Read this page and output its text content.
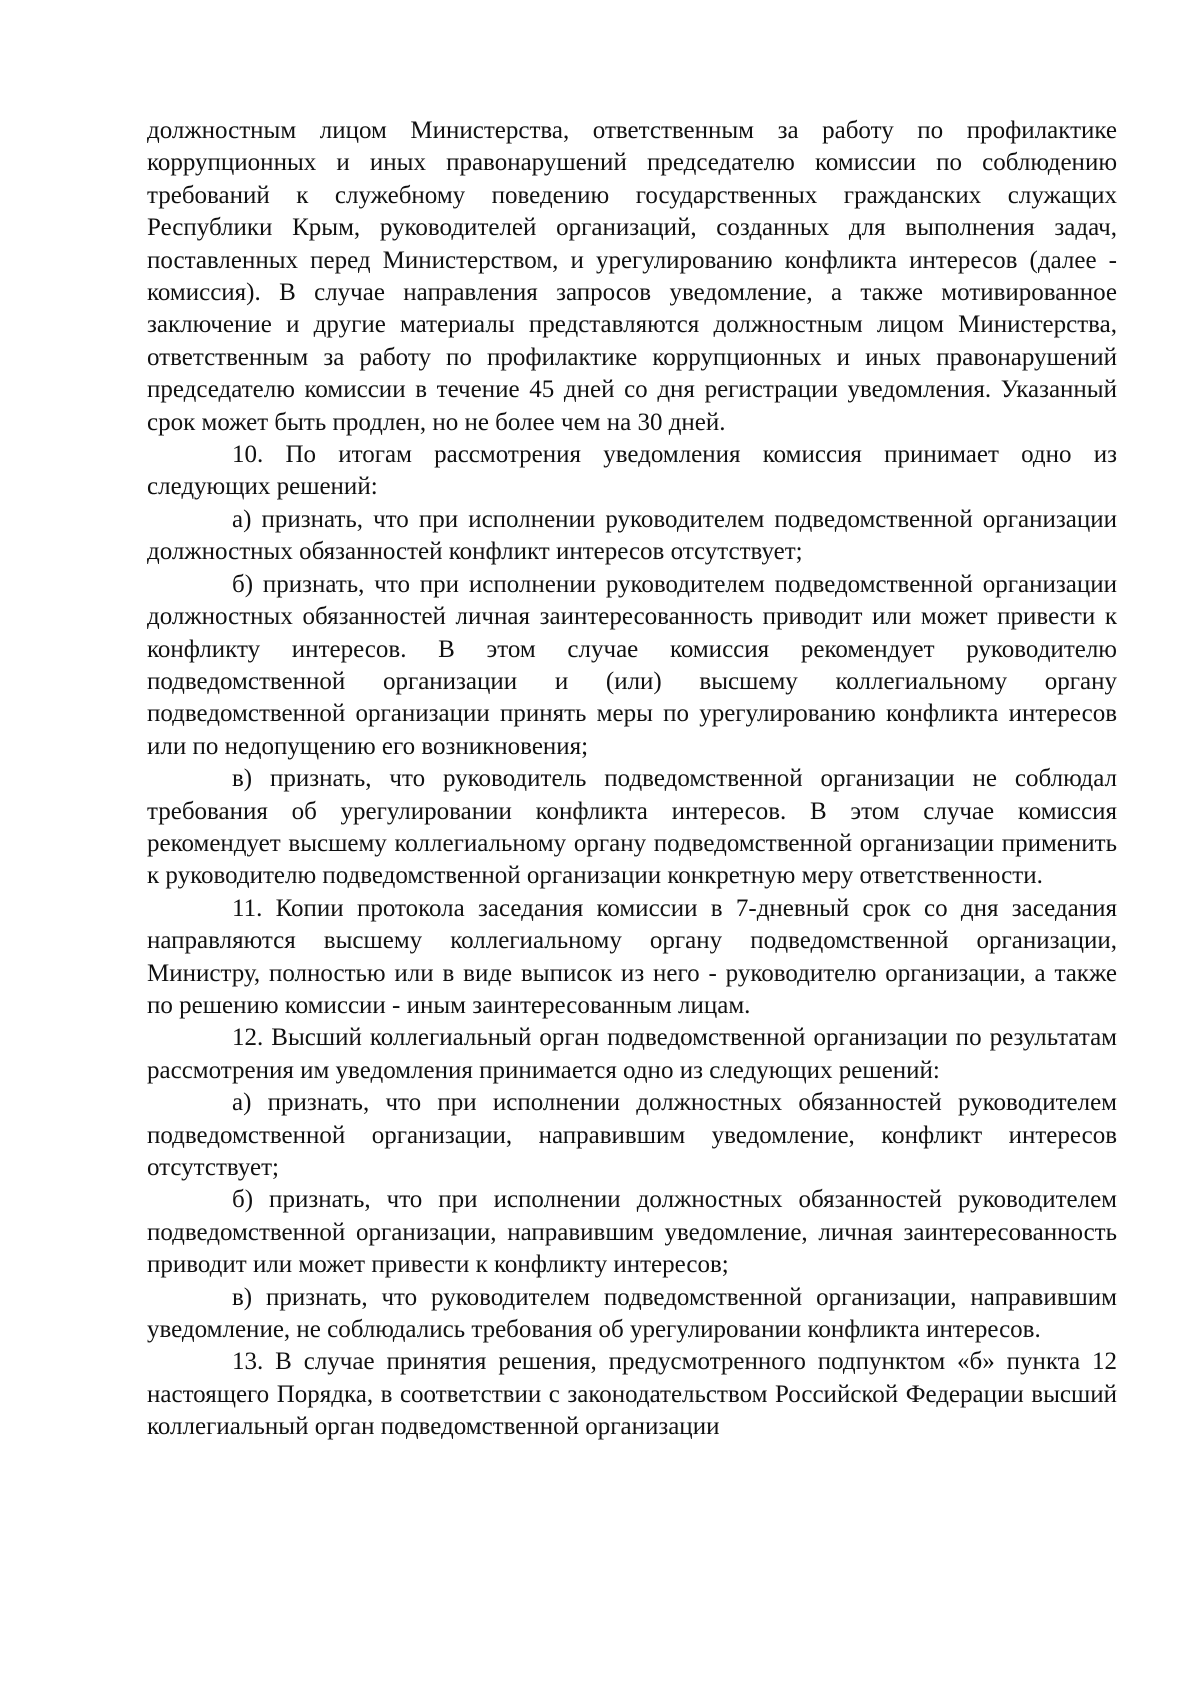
должностным лицом Министерства, ответственным за работу по профилактике коррупционных и иных правонарушений председателю комиссии по соблюдению требований к служебному поведению государственных гражданских служащих Республики Крым, руководителей организаций, созданных для выполнения задач, поставленных перед Министерством, и урегулированию конфликта интересов (далее - комиссия). В случае направления запросов уведомление, а также мотивированное заключение и другие материалы представляются должностным лицом Министерства, ответственным за работу по профилактике коррупционных и иных правонарушений председателю комиссии в течение 45 дней со дня регистрации уведомления. Указанный срок может быть продлен, но не более чем на 30 дней.

10. По итогам рассмотрения уведомления комиссия принимает одно из следующих решений:

а) признать, что при исполнении руководителем подведомственной организации должностных обязанностей конфликт интересов отсутствует;

б) признать, что при исполнении руководителем подведомственной организации должностных обязанностей личная заинтересованность приводит или может привести к конфликту интересов. В этом случае комиссия рекомендует руководителю подведомственной организации и (или) высшему коллегиальному органу подведомственной организации принять меры по урегулированию конфликта интересов или по недопущению его возникновения;

в) признать, что руководитель подведомственной организации не соблюдал требования об урегулировании конфликта интересов. В этом случае комиссия рекомендует высшему коллегиальному органу подведомственной организации применить к руководителю подведомственной организации конкретную меру ответственности.

11. Копии протокола заседания комиссии в 7-дневный срок со дня заседания направляются высшему коллегиальному органу подведомственной организации, Министру, полностью или в виде выписок из него - руководителю организации, а также по решению комиссии - иным заинтересованным лицам.

12. Высший коллегиальный орган подведомственной организации по результатам рассмотрения им уведомления принимается одно из следующих решений:

а) признать, что при исполнении должностных обязанностей руководителем подведомственной организации, направившим уведомление, конфликт интересов отсутствует;

б) признать, что при исполнении должностных обязанностей руководителем подведомственной организации, направившим уведомление, личная заинтересованность приводит или может привести к конфликту интересов;

в) признать, что руководителем подведомственной организации, направившим уведомление, не соблюдались требования об урегулировании конфликта интересов.

13. В случае принятия решения, предусмотренного подпунктом «б» пункта 12 настоящего Порядка, в соответствии с законодательством Российской Федерации высший коллегиальный орган подведомственной организации
